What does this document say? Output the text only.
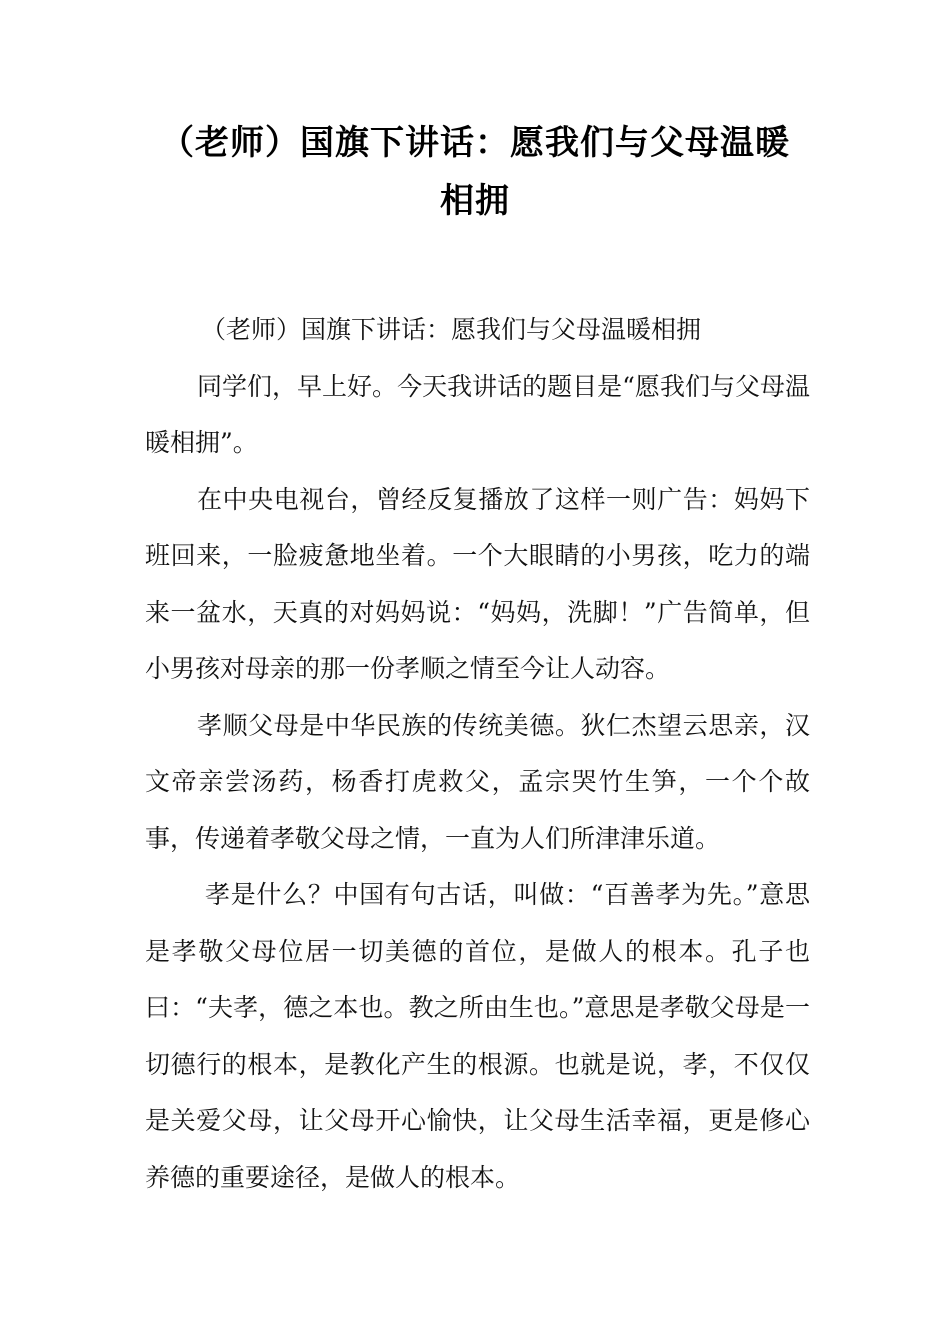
（老师）国旗下讲话：愿我们与父母温暖
相拥

（老师）国旗下讲话：愿我们与父母温暖相拥

同学们，早上好。今天我讲话的题目是“愿我们与父母温暖相拥”。

在中央电视台，曾经反复播放了这样一则广告：妈妈下班回来，一脸疲惫地坐着。一个大眼睛的小男孩，吃力的端来一盆水，天真的对妈妈说：“妈妈，洗脚！”广告简单，但小男孩对母亲的那一份孝顺之情至今让人动容。

孝顺父母是中华民族的传统美德。狄仁杰望云思亲，汉文帝亲尝汤药，杨香打虎救父，孟宗哭竹生笋，一个个故事，传递着孝敬父母之情，一直为人们所津津乐道。

孝是什么？中国有句古话，叫做：“百善孝为先。”意思是孝敬父母位居一切美德的首位，是做人的根本。孔子也曰：“夫孝，德之本也。教之所由生也。”意思是孝敬父母是一切德行的根本，是教化产生的根源。也就是说，孝，不仅仅是关爱父母，让父母开心愉快，让父母生活幸福，更是修心养德的重要途径，是做人的根本。
